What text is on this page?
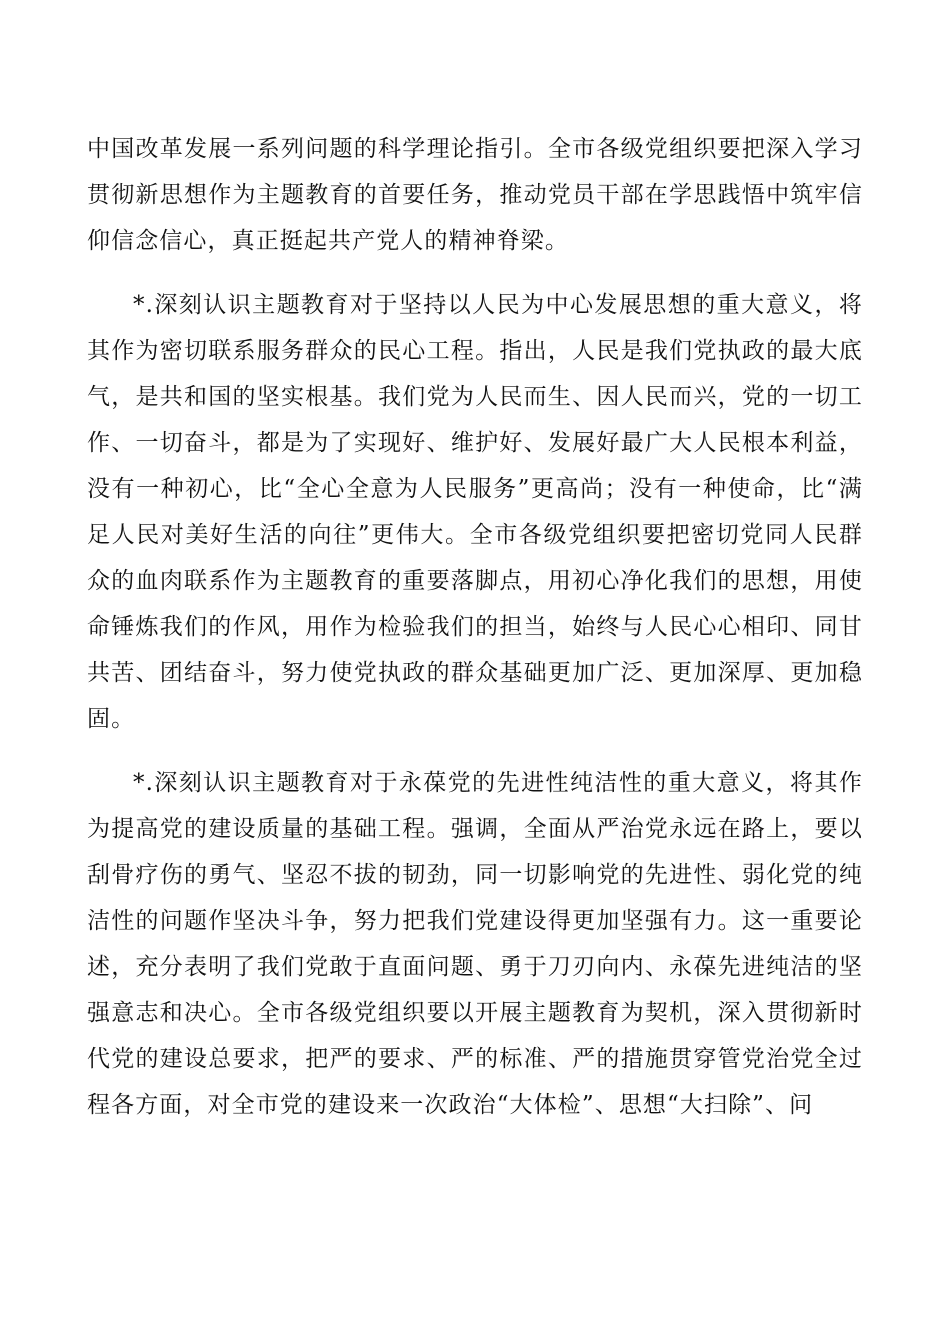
中国改革发展一系列问题的科学理论指引。全市各级党组织要把深入学习贯彻新思想作为主题教育的首要任务，推动党员干部在学思践悟中筑牢信仰信念信心，真正挺起共产党人的精神脊梁。

*.深刻认识主题教育对于坚持以人民为中心发展思想的重大意义，将其作为密切联系服务群众的民心工程。指出，人民是我们党执政的最大底气，是共和国的坚实根基。我们党为人民而生、因人民而兴，党的一切工作、一切奋斗，都是为了实现好、维护好、发展好最广大人民根本利益，没有一种初心，比“全心全意为人民服务”更高尚；没有一种使命，比“满足人民对美好生活的向往”更伟大。全市各级党组织要把密切党同人民群众的血肉联系作为主题教育的重要落脚点，用初心净化我们的思想，用使命锤炼我们的作风，用作为检验我们的担当，始终与人民心心相印、同甘共苦、团结奋斗，努力使党执政的群众基础更加广泛、更加深厚、更加稳固。

*.深刻认识主题教育对于永葆党的先进性纯洁性的重大意义，将其作为提高党的建设质量的基础工程。强调，全面从严治党永远在路上，要以刮骨疗伤的勇气、坚忍不拔的韧劲，同一切影响党的先进性、弱化党的纯洁性的问题作坚决斗争，努力把我们党建设得更加坚强有力。这一重要论述，充分表明了我们党敢于直面问题、勇于刀刃向内、永葆先进纯洁的坚强意志和决心。全市各级党组织要以开展主题教育为契机，深入贯彻新时代党的建设总要求，把严的要求、严的标准、严的措施贯穿管党治党全过程各方面，对全市党的建设来一次政治“大体检”、思想“大扫除”、问
